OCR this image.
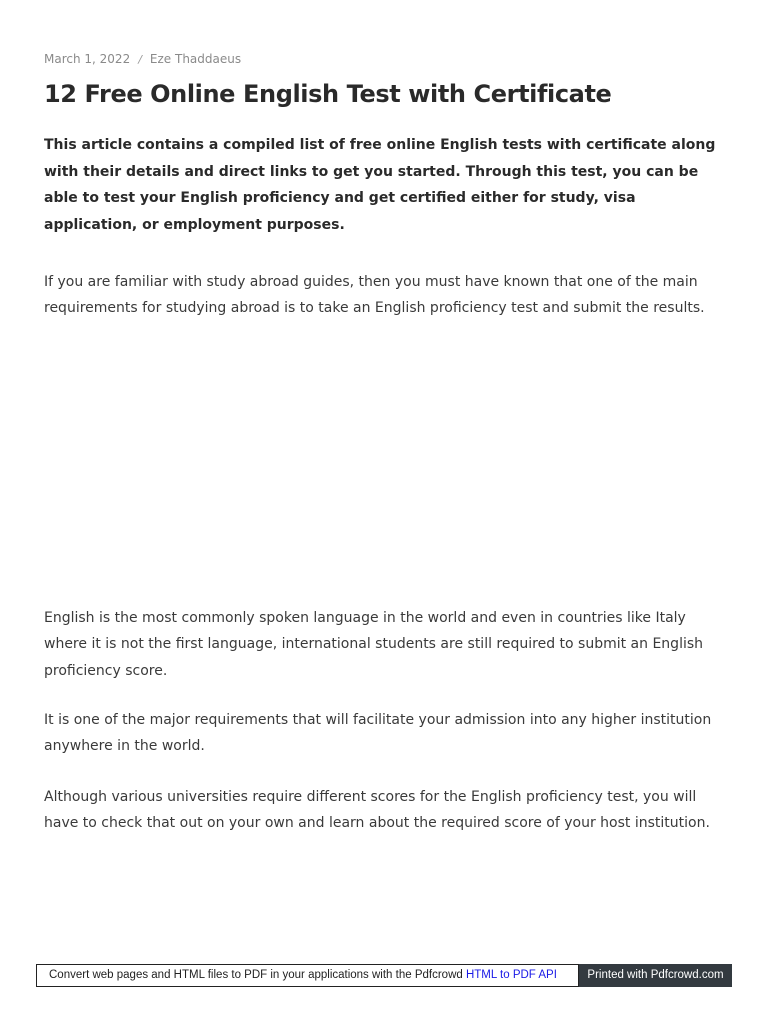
March 1, 2022 / Eze Thaddaeus
12 Free Online English Test with Certificate

This article contains a compiled list of free online English tests with certificate along with their details and direct links to get you started. Through this test, you can be able to test your English proficiency and get certified either for study, visa application, or employment purposes.

If you are familiar with study abroad guides, then you must have known that one of the main requirements for studying abroad is to take an English proficiency test and submit the results.

English is the most commonly spoken language in the world and even in countries like Italy where it is not the first language, international students are still required to submit an English proficiency score.

It is one of the major requirements that will facilitate your admission into any higher institution anywhere in the world.

Although various universities require different scores for the English proficiency test, you will have to check that out on your own and learn about the required score of your host institution.

Convert web pages and HTML files to PDF in your applications with the Pdfcrowd HTML to PDF API	Printed with Pdfcrowd.com
